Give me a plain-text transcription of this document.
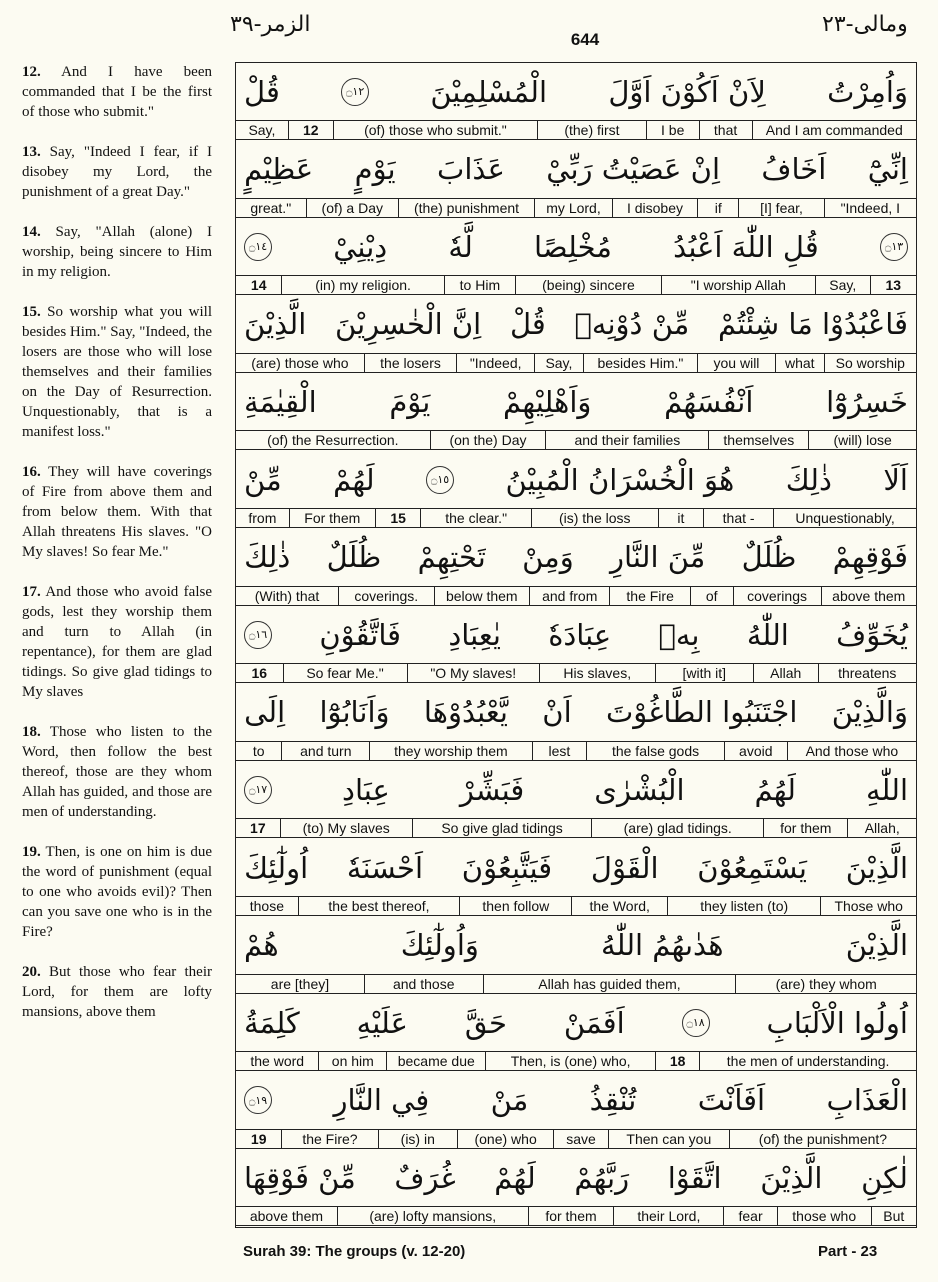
الزمر-۳۹
644
ومالی-۲۳

12. And I have been commanded that I be the first of those who submit."

13. Say, "Indeed I fear, if I disobey my Lord, the punishment of a great Day."

14. Say, "Allah (alone) I worship, being sincere to Him in my religion.

15. So worship what you will besides Him." Say, "Indeed, the losers are those who will lose themselves and their families on the Day of Resurrection. Unquestionably, that is a manifest loss."

16. They will have coverings of Fire from above them and from below them. With that Allah threatens His slaves. "O My slaves! So fear Me."

17. And those who avoid false gods, lest they worship them and turn to Allah (in repentance), for them are glad tidings. So give glad tidings to My slaves

18. Those who listen to the Word, then follow the best thereof, those are they whom Allah has guided, and those are men of understanding.

19. Then, is one on him is due the word of punishment (equal to one who avoids evil)? Then can you save one who is in the Fire?

20. But those who fear their Lord, for them are lofty mansions, above them

وَاُمِرْتُ
لِاَنْ اَكُوْنَ اَوَّلَ
الْمُسْلِمِيْنَ
۝١٢
قُلْ
And I am commanded
that
I be
(the) first
(of) those who submit."
12
Say,
اِنِّيْٓ
اَخَافُ
اِنْ عَصَيْتُ رَبِّيْ
عَذَابَ
يَوْمٍ
عَظِيْمٍ
"Indeed, I
[I] fear,
if
I disobey
my Lord,
(the) punishment
(of) a Day
great."
۝١٣
قُلِ اللّٰهَ اَعْبُدُ
مُخْلِصًا
لَّهٗ
دِيْنِيْ
۝١٤
13
Say,
"I worship Allah
(being) sincere
to Him
(in) my religion.
14
فَاعْبُدُوْا مَا شِئْتُمْ
مِّنْ دُوْنِهٖ
قُلْ
اِنَّ الْخٰسِرِيْنَ
الَّذِيْنَ
So worship
what
you will
besides Him."
Say,
"Indeed,
the losers
(are) those who
خَسِرُوْٓا
اَنْفُسَهُمْ
وَاَهْلِيْهِمْ
يَوْمَ
الْقِيٰمَةِ
(will) lose
themselves
and their families
(on the) Day
(of) the Resurrection.
اَلَا
ذٰلِكَ
هُوَ الْخُسْرَانُ الْمُبِيْنُ
۝١٥
لَهُمْ
مِّنْ
Unquestionably,
that -
it
(is) the loss
the clear."
15
For them
from
فَوْقِهِمْ
ظُلَلٌ
مِّنَ النَّارِ
وَمِنْ
تَحْتِهِمْ
ظُلَلٌ
ذٰلِكَ
above them
coverings
of
the Fire
and from
below them
coverings.
(With) that
يُخَوِّفُ
اللّٰهُ
بِهٖ
عِبَادَهٗ
يٰعِبَادِ
فَاتَّقُوْنِ
۝١٦
threatens
Allah
[with it]
His slaves,
"O My slaves!
So fear Me."
16
وَالَّذِيْنَ
اجْتَنَبُوا الطَّاغُوْتَ
اَنْ
يَّعْبُدُوْهَا
وَاَنَابُوْٓا
اِلَى
And those who
avoid
the false gods
lest
they worship them
and turn
to
اللّٰهِ
لَهُمُ
الْبُشْرٰى
فَبَشِّرْ
عِبَادِ
۝١٧
Allah,
for them
(are) glad tidings.
So give glad tidings
(to) My slaves
17
الَّذِيْنَ
يَسْتَمِعُوْنَ
الْقَوْلَ
فَيَتَّبِعُوْنَ
اَحْسَنَهٗ
اُولٰٓئِكَ
Those who
they listen (to)
the Word,
then follow
the best thereof,
those
الَّذِيْنَ
هَدٰىهُمُ اللّٰهُ
وَاُولٰٓئِكَ
هُمْ
(are) they whom
Allah has guided them,
and those
are [they]
اُولُوا الْاَلْبَابِ
۝١٨
اَفَمَنْ
حَقَّ
عَلَيْهِ
كَلِمَةُ
the men of understanding.
18
Then, is (one) who,
became due
on him
the word
الْعَذَابِ
اَفَاَنْتَ
تُنْقِذُ
مَنْ
فِي النَّارِ
۝١٩
(of) the punishment?
Then can you
save
(one) who
(is) in
the Fire?
19
لٰكِنِ
الَّذِيْنَ
اتَّقَوْا
رَبَّهُمْ
لَهُمْ
غُرَفٌ
مِّنْ فَوْقِهَا
But
those who
fear
their Lord,
for them
(are) lofty mansions,
above them
Surah 39: The groups (v. 12-20)	Part - 23
